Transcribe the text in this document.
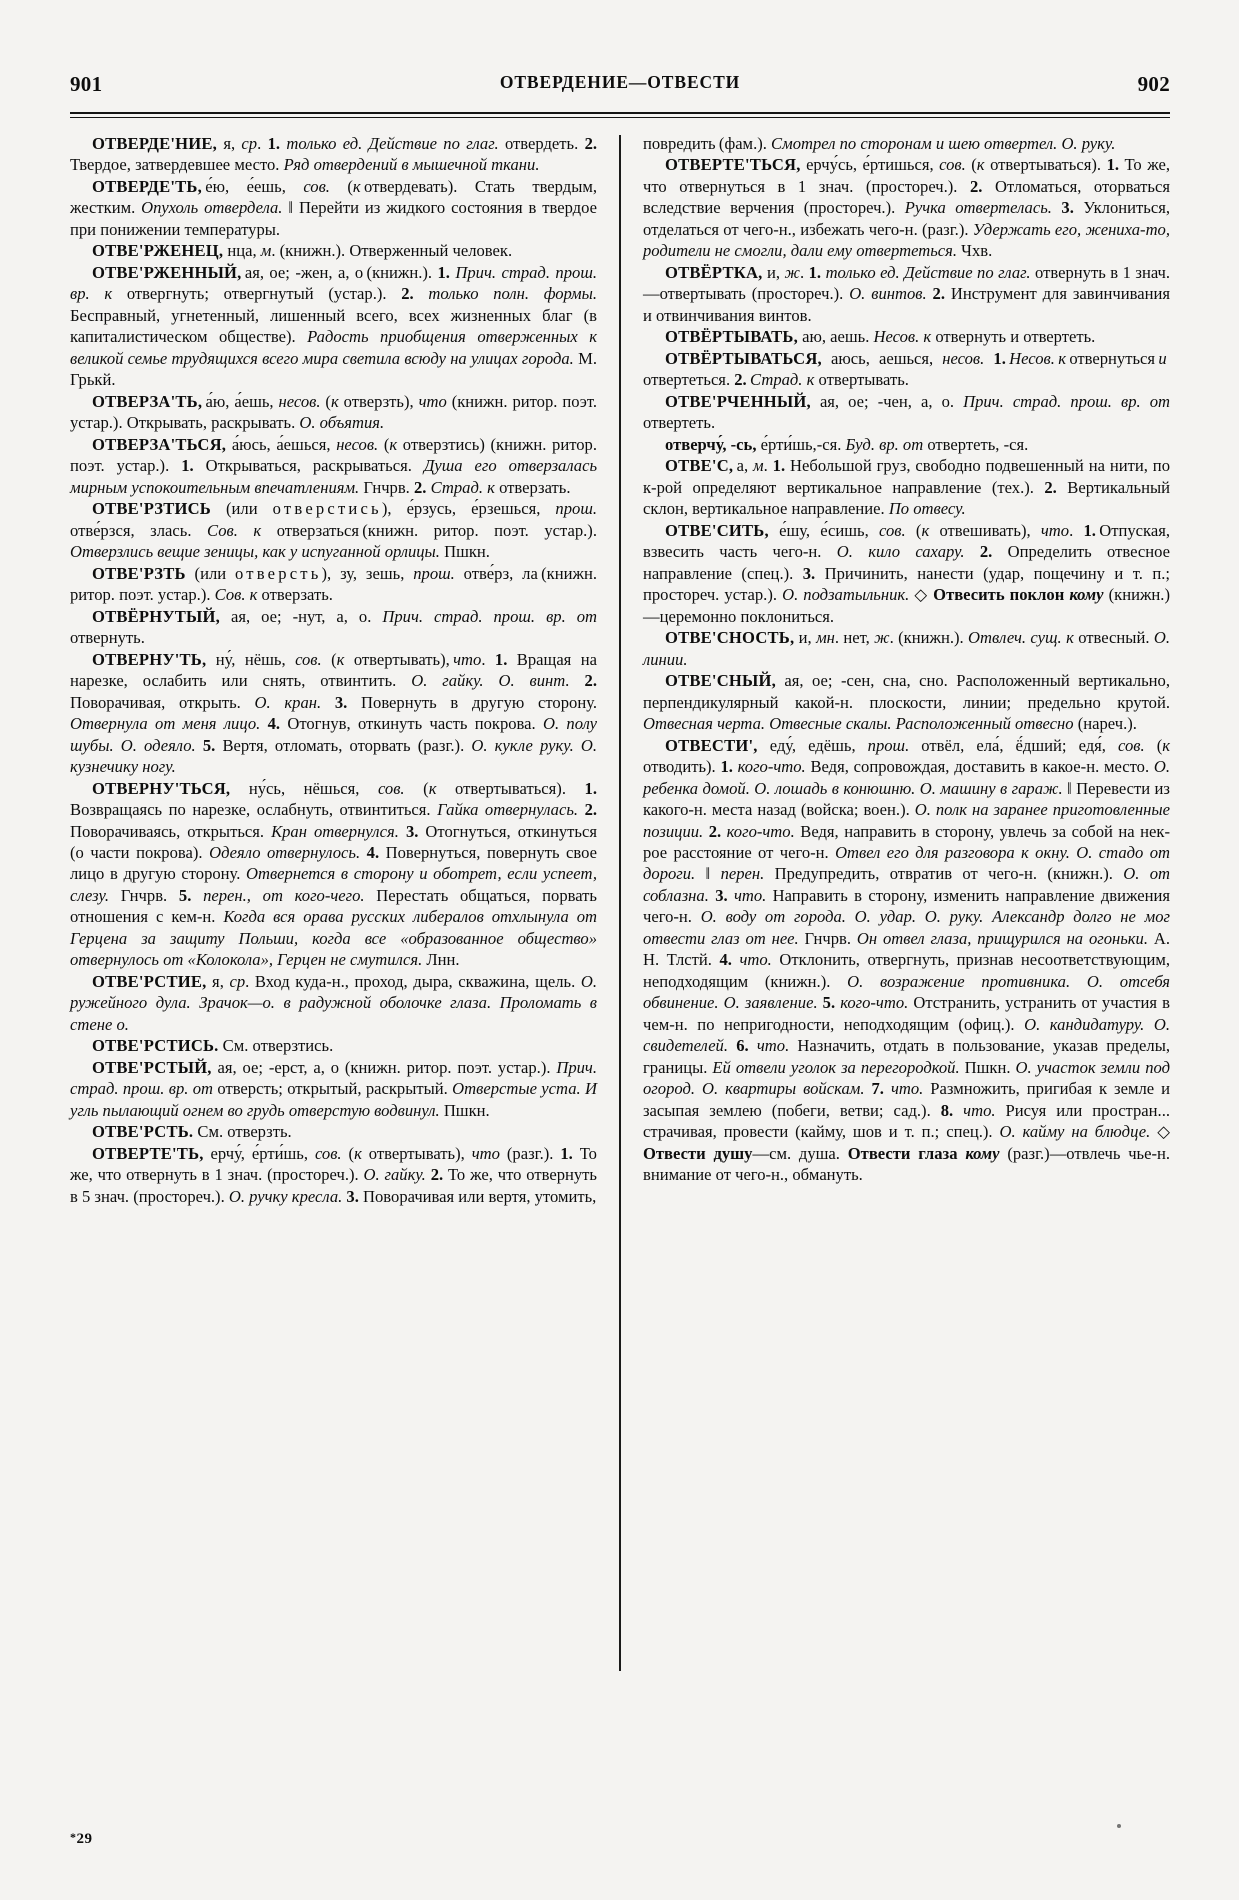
901	ОТВЕРДЕНИЕ—ОТВЕСТИ	902

ОТВЕРДЕ'НИЕ, я, ср. 1. только ед. Действие по глаг. отвердеть. 2. Твердое, затвердевшее место. Ряд отвердений в мышечной ткани.

ОТВЕРДЕ'ТЬ, е́ю, е́ешь, сов. (к отвердевать). Стать твердым, жестким. Опухоль отвердела. ‖ Перейти из жидкого состояния в твердое при понижении температуры.

ОТВЕ'РЖЕНЕЦ, нца, м. (книжн.). Отверженный человек.

ОТВЕ'РЖЕННЫЙ, ая, ое; -жен, а, о (книжн.). 1. Прич. страд. прош. вр. к отвергнуть; отвергнутый (устар.). 2. только полн. формы. Бесправный, угнетенный, лишенный всего, всех жизненных благ (в капиталистическом обществе). Радость приобщения отверженных к великой семье трудящихся всего мира светила всюду на улицах города. М. Грькй.

ОТВЕРЗА'ТЬ, а́ю, а́ешь, несов. (к отверзть), что (книжн. ритор. поэт. устар.). Открывать, раскрывать. О. объятия.

ОТВЕРЗА'ТЬСЯ, а́юсь, а́ешься, несов. (к отверзтись) (книжн. ритор. поэт. устар.). 1. Открываться, раскрываться. Душа его отверзалась мирным успокоительным впечатлениям. Гнчрв. 2. Страд. к отверзать.

ОТВЕ'РЗТИСЬ (или отверстись), е́рзусь, е́рзешься, прош. отве́рзся, злась. Сов. к отверзаться (книжн. ритор. поэт. устар.). Отверзлись вещие зеницы, как у испуганной орлицы. Пшкн.

ОТВЕ'РЗТЬ (или отверсть), зу, зешь, прош. отве́рз, ла (книжн. ритор. поэт. устар.). Сов. к отверзать.

ОТВЁРНУТЫЙ, ая, ое; -нут, а, о. Прич. страд. прош. вр. от отвернуть.

ОТВЕРНУ'ТЬ, ну́, нёшь, сов. (к отвертывать), что. 1. Вращая на нарезке, ослабить или снять, отвинтить. О. гайку. О. винт. 2. Поворачивая, открыть. О. кран. 3. Повернуть в другую сторону. Отвернула от меня лицо. 4. Отогнув, откинуть часть покрова. О. полу шубы. О. одеяло. 5. Вертя, отломать, оторвать (разг.). О. кукле руку. О. кузнечику ногу.

ОТВЕРНУ'ТЬСЯ, ну́сь, нёшься, сов. (к отвертываться). 1. Возвращаясь по нарезке, ослабнуть, отвинтиться. Гайка отвернулась. 2. Поворачиваясь, открыться. Кран отвернулся. 3. Отогнуться, откинуться (о части покрова). Одеяло отвернулось. 4. Повернуться, повернуть свое лицо в другую сторону. Отвернется в сторону и оботрет, если успеет, слезу. Гнчрв. 5. перен., от кого-чего. Перестать общаться, порвать отношения с кем-н. Когда вся орава русских либералов отхлынула от Герцена за защиту Польши, когда все «образованное общество» отвернулось от «Колокола», Герцен не смутился. Лнн.

ОТВЕ'РСТИЕ, я, ср. Вход куда-н., проход, дыра, скважина, щель. О. ружейного дула. Зрачок—о. в радужной оболочке глаза. Проломать в стене о.

ОТВЕ'РСТИСЬ. См. отверзтись.

ОТВЕ'РСТЫЙ, ая, ое; -ерст, а, о (книжн. ритор. поэт. устар.). Прич. страд. прош. вр. от отверсть; открытый, раскрытый. Отверстые уста. И угль пылающий огнем во грудь отверстую водвинул. Пшкн.

ОТВЕ'РСТЬ. См. отверзть.

ОТВЕРТЕ'ТЬ, ерчу́, е́рти́шь, сов. (к отвертывать), что (разг.). 1. То же, что отвернуть в 1 знач. (простореч.). О. гайку. 2. То же, что отвернуть в 5 знач. (простореч.). О. ручку кресла. 3. Поворачивая или вертя, утомить,

повредить (фам.). Смотрел по сторонам и шею отвертел. О. руку.

ОТВЕРТЕ'ТЬСЯ, ерчу́сь, е́ртишься, сов. (к отвертываться). 1. То же, что отвернуться в 1 знач. (простореч.). 2. Отломаться, оторваться вследствие верчения (простореч.). Ручка отвертелась. 3. Уклониться, отделаться от чего-н., избежать чего-н. (разг.). Удержать его, жениха-то, родители не смогли, дали ему отвертеться. Чхв.

ОТВЁРТКА, и, ж. 1. только ед. Действие по глаг. отвернуть в 1 знач.—отвертывать (простореч.). О. винтов. 2. Инструмент для завинчивания и отвинчивания винтов.

ОТВЁРТЫВАТЬ, аю, аешь. Несов. к отвернуть и отвертеть.

ОТВЁРТЫВАТЬСЯ, аюсь, аешься, несов. 1.  Несов.  к отвернуться и отвертеться. 2.  Страд. к отвертывать.

ОТВЕ'РЧЕННЫЙ, ая, ое; -чен, а, о. Прич. страд. прош. вр. от отвертеть.

отверчу́, -сь, е́рти́шь,-ся. Буд. вр. от отвертеть, -ся.

ОТВЕ'С, а, м. 1. Небольшой груз, свободно подвешенный на нити, по к-рой определяют вертикальное направление (тех.). 2. Вертикальный склон, вертикальное направление. По отвесу.

ОТВЕ'СИТЬ, е́шу, е́сишь, сов. (к отвешивать), что. 1. Отпуская, взвесить часть чего-н. О. кило сахару. 2. Определить отвесное направление (спец.). 3. Причинить, нанести (удар, пощечину и т. п.; простореч. устар.). О. подзатыльник. ◇ Отвесить поклон кому (книжн.)—церемонно поклониться.

ОТВЕ'СНОСТЬ, и, мн. нет, ж. (книжн.). Отвлеч. сущ. к отвесный. О. линии.

ОТВЕ'СНЫЙ, ая, ое; -сен, сна, сно. Расположенный вертикально, перпендикулярный какой-н. плоскости, линии; предельно крутой. Отвесная черта. Отвесные скалы. Расположенный отвесно (нареч.).

ОТВЕСТИ', еду́, едёшь, прош. отвёл, ела́, ё́дший; едя́, сов. (к отводить). 1. кого-что. Ведя, сопровождая, доставить в какое-н. место. О. ребенка домой. О. лошадь в конюшню. О. машину в гараж. ‖ Перевести из какого-н. места назад (войска; воен.). О. полк на заранее приготовленные позиции. 2. кого-что. Ведя, направить в сторону, увлечь за собой на нек-рое расстояние от чего-н. Отвел его для разговора к окну. О. стадо от дороги. ‖ перен. Предупредить, отвратив от чего-н. (книжн.). О. от соблазна. 3. что. Направить в сторону, изменить направление движения чего-н. О. воду от города. О. удар. О. руку. Александр долго не мог отвести глаз от нее. Гнчрв. Он отвел глаза, прищурился на огоньки. А. Н. Тлстй. 4. что. Отклонить, отвергнуть, признав несоответствующим, неподходящим (книжн.). О. возражение противника. О. отсебя обвинение. О. заявление. 5. кого-что. Отстранить, устранить от участия в чем-н. по непригодности, неподходящим (офиц.). О. кандидатуру. О. свидетелей. 6. что. Назначить, отдать в пользование, указав пределы, границы. Ей отвели уголок за перегородкой. Пшкн. О. участок земли под огород. О. квартиры войскам. 7. что. Размножить, пригибая к земле и засыпая землею (побеги, ветви; сад.). 8. что. Рисуя или простран... страчивая, провести (кайму, шов и т. п.; спец.). О. кайму на блюдце. ◇ Отвести душу—см. душа. Отвести глаза кому (разг.)—отвлечь чье-н. внимание от чего-н., обмануть.

*29
